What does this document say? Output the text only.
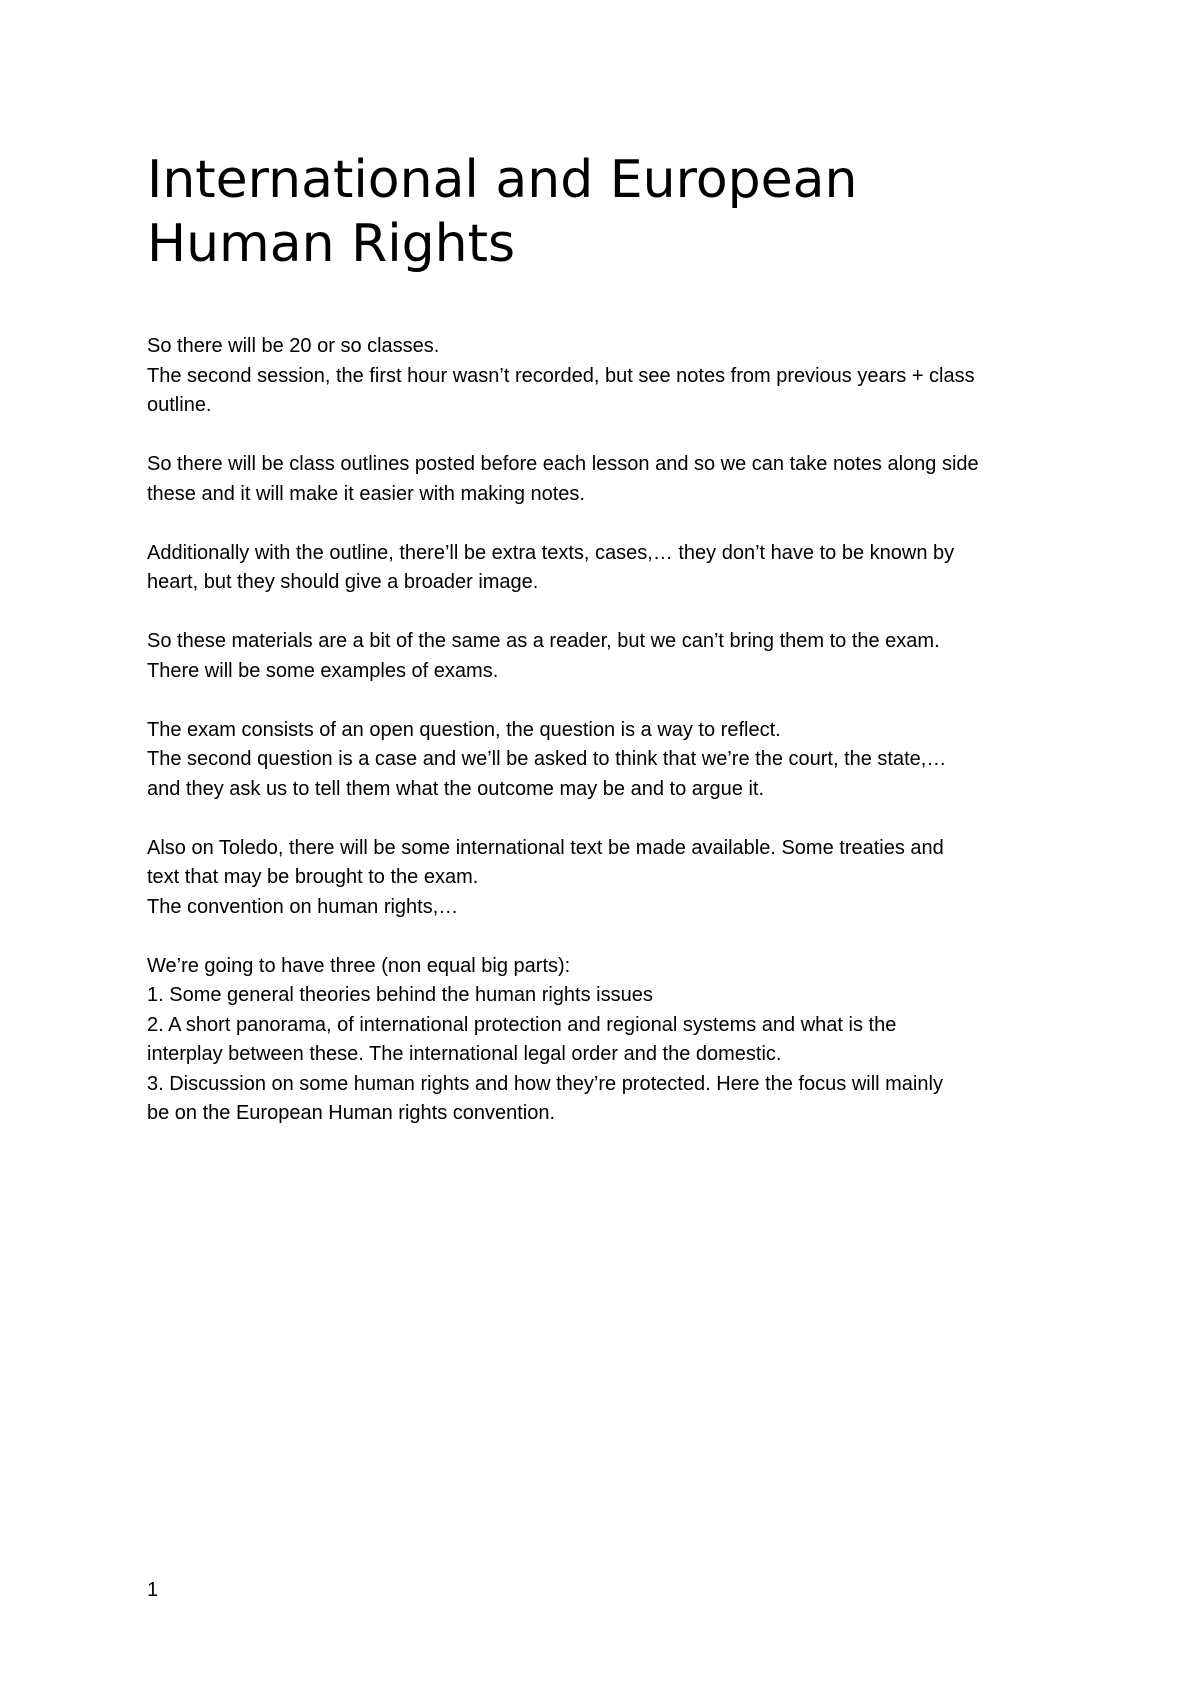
International and European
Human Rights

So there will be 20 or so classes.
The second session, the first hour wasn’t recorded, but see notes from previous years + class
outline.

So there will be class outlines posted before each lesson and so we can take notes along side
these and it will make it easier with making notes.

Additionally with the outline, there’ll be extra texts, cases,… they don’t have to be known by
heart, but they should give a broader image.

So these materials are a bit of the same as a reader, but we can’t bring them to the exam.
There will be some examples of exams.

The exam consists of an open question, the question is a way to reflect.
The second question is a case and we’ll be asked to think that we’re the court, the state,…
and they ask us to tell them what the outcome may be and to argue it.

Also on Toledo, there will be some international text be made available. Some treaties and
text that may be brought to the exam.
The convention on human rights,…

We’re going to have three (non equal big parts):
1. Some general theories behind the human rights issues
2. A short panorama, of international protection and regional systems and what is the
interplay between these. The international legal order and the domestic.
3. Discussion on some human rights and how they’re protected. Here the focus will mainly
be on the European Human rights convention.

1
